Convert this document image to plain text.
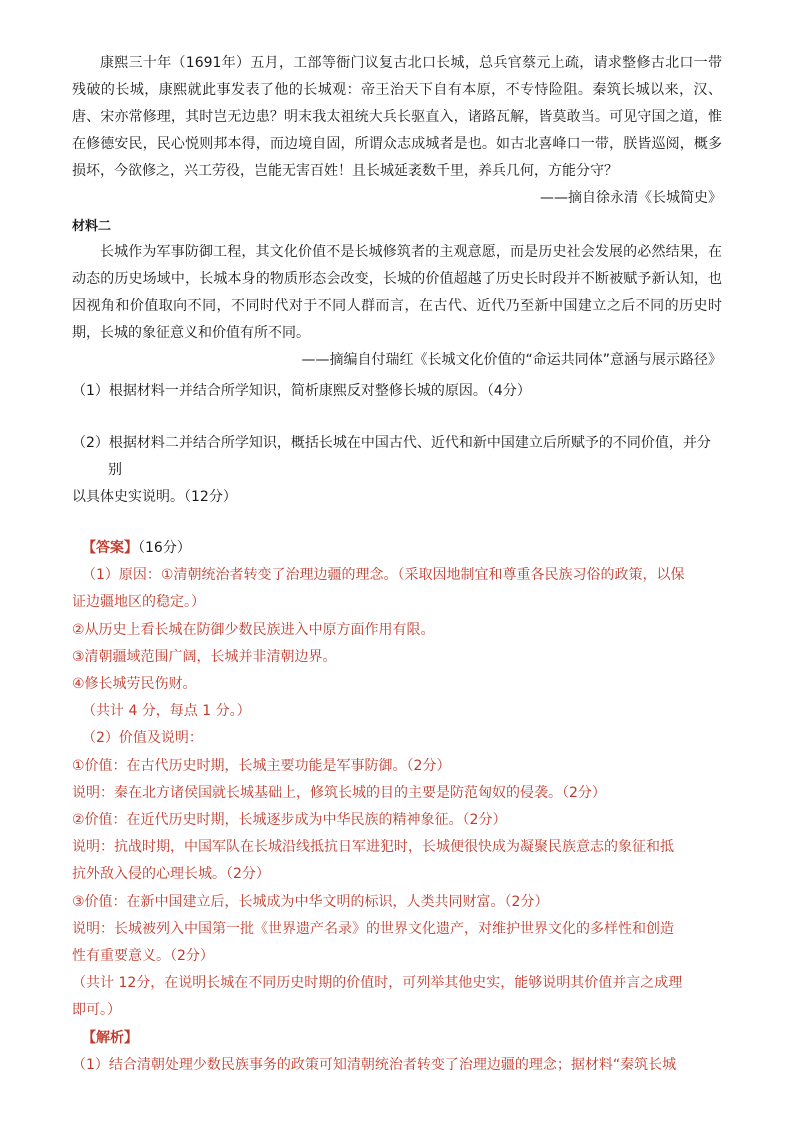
康熙三十年（1691年）五月，工部等衙门议复古北口长城，总兵官蔡元上疏，请求整修古北口一带残破的长城，康熙就此事发表了他的长城观：帝王治天下自有本原，不专恃险阻。秦筑长城以来，汉、唐、宋亦常修理，其时岂无边患？明末我太祖统大兵长驱直入，诸路瓦解，皆莫敢当。可见守国之道，惟在修德安民，民心悦则邦本得，而边境自固，所谓众志成城者是也。如古北喜峰口一带，朕皆巡阅，概多损坏，今欲修之，兴工劳役，岂能无害百姓！且长城延袤数千里，养兵几何，方能分守？

——摘自徐永清《长城简史》

材料二

长城作为军事防御工程，其文化价值不是长城修筑者的主观意愿，而是历史社会发展的必然结果，在动态的历史场域中，长城本身的物质形态会改变，长城的价值超越了历史长时段并不断被赋予新认知，也因视角和价值取向不同，不同时代对于不同人群而言，在古代、近代乃至新中国建立之后不同的历史时期，长城的象征意义和价值有所不同。

——摘编自付瑞红《长城文化价值的“命运共同体”意涵与展示路径》

（1）根据材料一并结合所学知识，简析康熙反对整修长城的原因。（4分）

（2）根据材料二并结合所学知识，概括长城在中国古代、近代和新中国建立后所赋予的不同价值，并分

别

以具体史实说明。（12分）

【答案】（16分）

（1）原因：①清朝统治者转变了治理边疆的理念。（采取因地制宜和尊重各民族习俗的政策，以保

证边疆地区的稳定。）

②从历史上看长城在防御少数民族进入中原方面作用有限。

③清朝疆域范围广阔，长城并非清朝边界。

④修长城劳民伤财。

（共计 4 分，每点 1 分。）

（2）价值及说明：

①价值：在古代历史时期，长城主要功能是军事防御。（2分）

说明：秦在北方诸侯国就长城基础上，修筑长城的目的主要是防范匈奴的侵袭。（2分）

②价值：在近代历史时期，长城逐步成为中华民族的精神象征。（2分）

说明：抗战时期，中国军队在长城沿线抵抗日军进犯时，长城便很快成为凝聚民族意志的象征和抵

抗外敌入侵的心理长城。（2分）

③价值：在新中国建立后，长城成为中华文明的标识，人类共同财富。（2分）

说明：长城被列入中国第一批《世界遗产名录》的世界文化遗产，对维护世界文化的多样性和创造

性有重要意义。（2分）

（共计 12分，在说明长城在不同历史时期的价值时，可列举其他史实，能够说明其价值并言之成理

即可。）

【解析】

（1）结合清朝处理少数民族事务的政策可知清朝统治者转变了治理边疆的理念；据材料“秦筑长城
